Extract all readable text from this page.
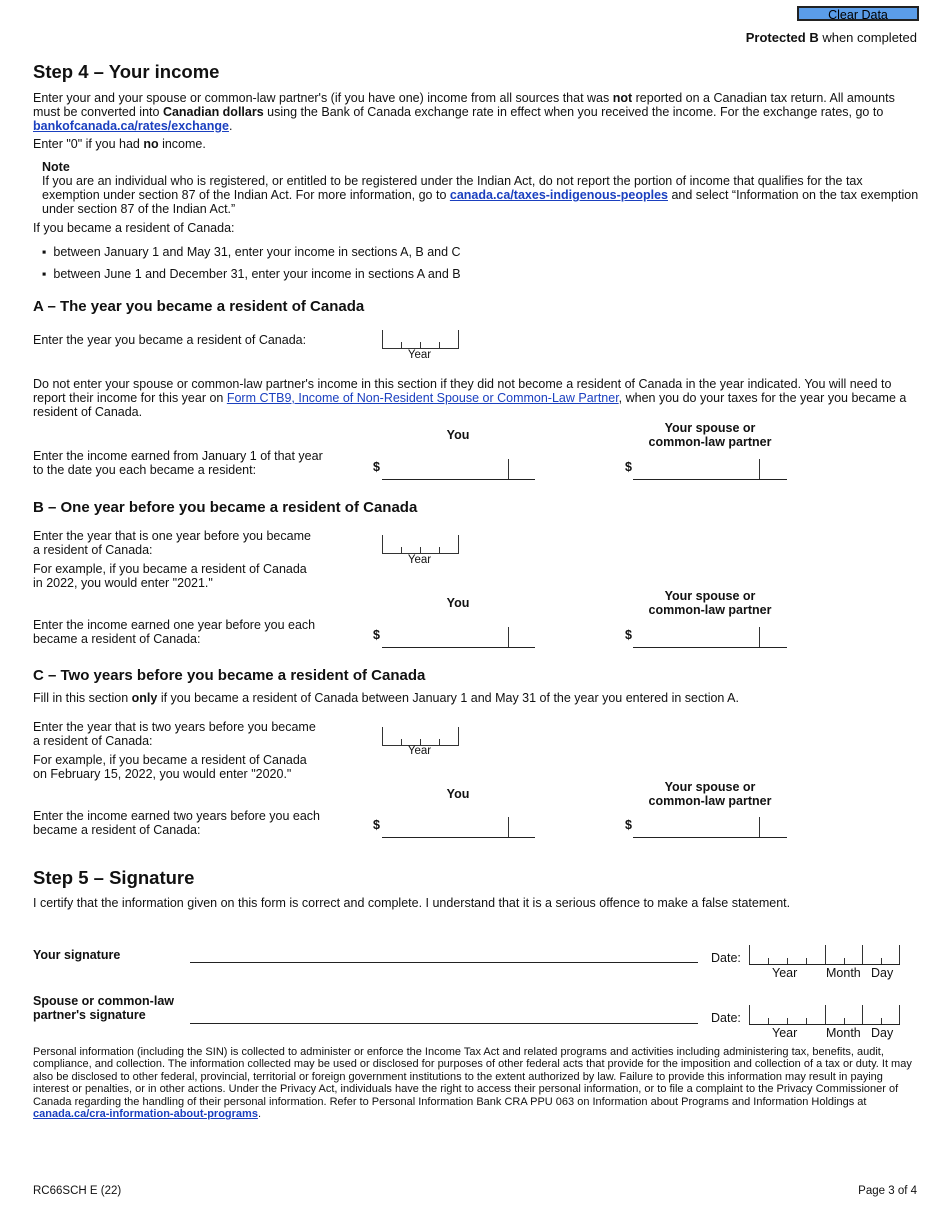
Clear Data
Protected B when completed
Step 4 – Your income
Enter your and your spouse or common-law partner's (if you have one) income from all sources that was not reported on a Canadian tax return. All amounts must be converted into Canadian dollars using the Bank of Canada exchange rate in effect when you received the income. For the exchange rates, go to bankofcanada.ca/rates/exchange.
Enter "0" if you had no income.
Note
If you are an individual who is registered, or entitled to be registered under the Indian Act, do not report the portion of income that qualifies for the tax exemption under section 87 of the Indian Act. For more information, go to canada.ca/taxes-indigenous-peoples and select “Information on the tax exemption under section 87 of the Indian Act.”
If you became a resident of Canada:
▪  between January 1 and May 31, enter your income in sections A, B and C
▪  between June 1 and December 31, enter your income in sections A and B
A – The year you became a resident of Canada
Enter the year you became a resident of Canada:
Year
Do not enter your spouse or common-law partner's income in this section if they did not become a resident of Canada in the year indicated. You will need to report their income for this year on Form CTB9, Income of Non-Resident Spouse or Common-Law Partner, when you do your taxes for the year you became a resident of Canada.
You	Your spouse or
common-law partner
Enter the income earned from January 1 of that year
to the date you each became a resident:	$	$
B – One year before you became a resident of Canada
Enter the year that is one year before you became
a resident of Canada:
Year
For example, if you became a resident of Canada
in 2022, you would enter "2021."
You	Your spouse or
common-law partner
Enter the income earned one year before you each
became a resident of Canada:	$	$
C – Two years before you became a resident of Canada
Fill in this section only if you became a resident of Canada between January 1 and May 31 of the year you entered in section A.
Enter the year that is two years before you became
a resident of Canada:
Year
For example, if you became a resident of Canada
on February 15, 2022, you would enter "2020."
You	Your spouse or
common-law partner
Enter the income earned two years before you each
became a resident of Canada:	$	$
Step 5 – Signature
I certify that the information given on this form is correct and complete. I understand that it is a serious offence to make a false statement.
Your signature	Date:
Year Month Day
Spouse or common-law
partner's signature	Date:
Year Month Day
Personal information (including the SIN) is collected to administer or enforce the Income Tax Act and related programs and activities including administering tax, benefits, audit, compliance, and collection. The information collected may be used or disclosed for purposes of other federal acts that provide for the imposition and collection of a tax or duty. It may also be disclosed to other federal, provincial, territorial or foreign government institutions to the extent authorized by law. Failure to provide this information may result in paying interest or penalties, or in other actions. Under the Privacy Act, individuals have the right to access their personal information, or to file a complaint to the Privacy Commissioner of Canada regarding the handling of their personal information. Refer to Personal Information Bank CRA PPU 063 on Information about Programs and Information Holdings at canada.ca/cra-information-about-programs.
RC66SCH E (22)	Page 3 of 4
